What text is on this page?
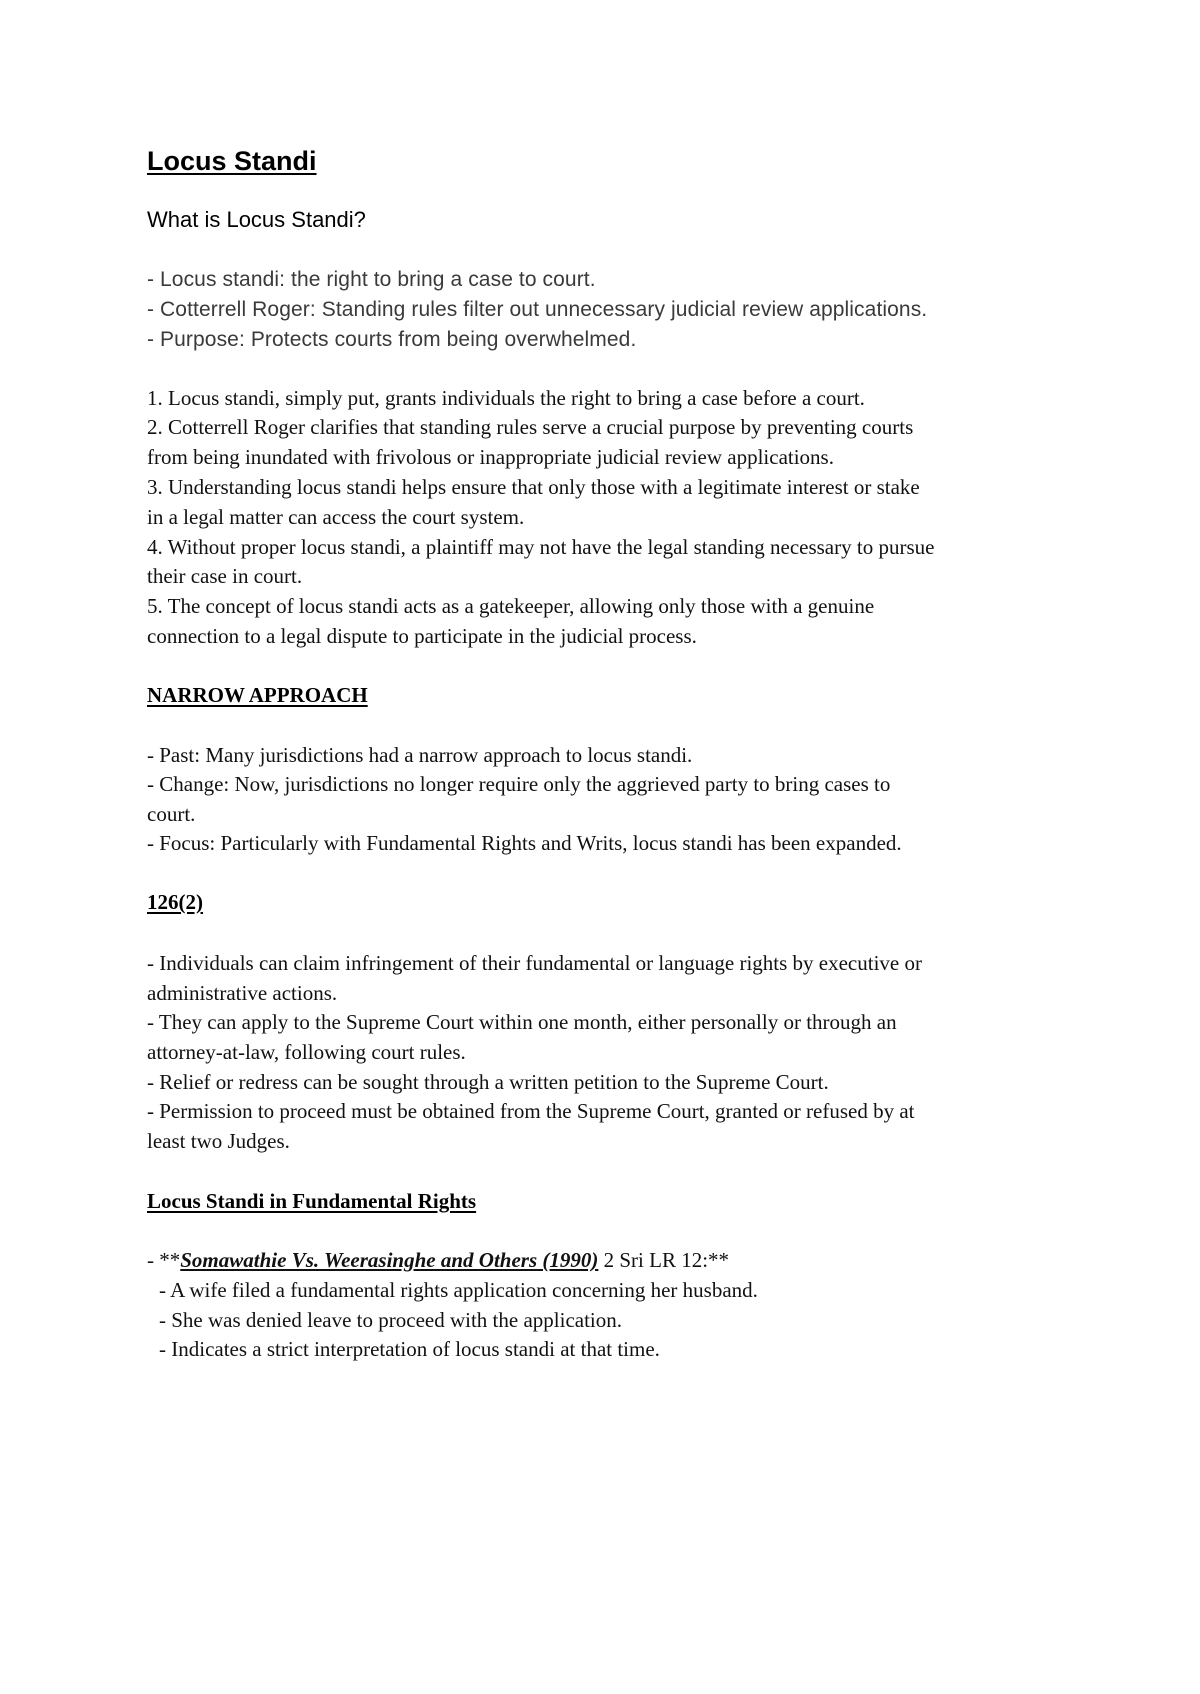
Locus Standi
What is Locus Standi?
- Locus standi: the right to bring a case to court.
- Cotterrell Roger: Standing rules filter out unnecessary judicial review applications.
- Purpose: Protects courts from being overwhelmed.
1. Locus standi, simply put, grants individuals the right to bring a case before a court.
2. Cotterrell Roger clarifies that standing rules serve a crucial purpose by preventing courts
from being inundated with frivolous or inappropriate judicial review applications.
3. Understanding locus standi helps ensure that only those with a legitimate interest or stake
in a legal matter can access the court system.
4. Without proper locus standi, a plaintiff may not have the legal standing necessary to pursue
their case in court.
5. The concept of locus standi acts as a gatekeeper, allowing only those with a genuine
connection to a legal dispute to participate in the judicial process.
NARROW APPROACH
- Past: Many jurisdictions had a narrow approach to locus standi.
- Change: Now, jurisdictions no longer require only the aggrieved party to bring cases to
court.
- Focus: Particularly with Fundamental Rights and Writs, locus standi has been expanded.
126(2)
- Individuals can claim infringement of their fundamental or language rights by executive or
administrative actions.
- They can apply to the Supreme Court within one month, either personally or through an
attorney-at-law, following court rules.
- Relief or redress can be sought through a written petition to the Supreme Court.
- Permission to proceed must be obtained from the Supreme Court, granted or refused by at
least two Judges.
Locus Standi in Fundamental Rights
- **Somawathie Vs. Weerasinghe and Others (1990) 2 Sri LR 12:**
- A wife filed a fundamental rights application concerning her husband.
- She was denied leave to proceed with the application.
- Indicates a strict interpretation of locus standi at that time.
